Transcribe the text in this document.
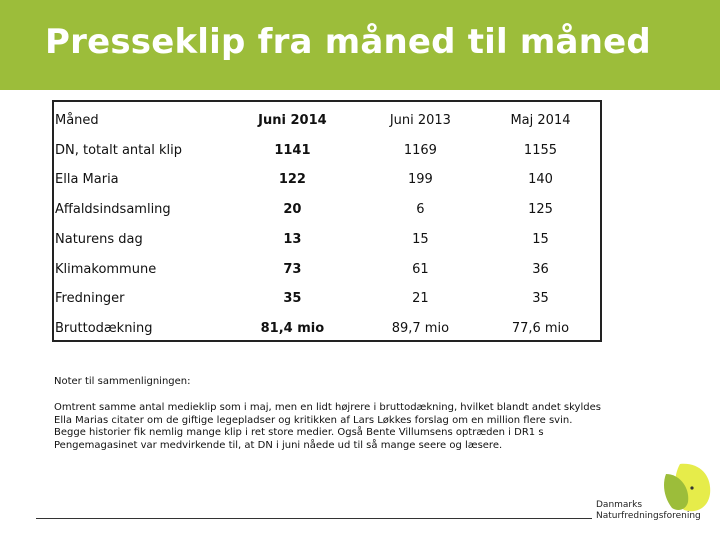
Presseklip fra måned til måned
Måned	Juni 2014	Juni 2013	Maj 2014
DN, totalt antal klip	1141	1169	1155
Ella Maria	122	199	140
Affaldsindsamling	20	6	125
Naturens dag	13	15	15
Klimakommune	73	61	36
Fredninger	35	21	35
Bruttodækning	81,4 mio	89,7 mio	77,6 mio
Noter til sammenligningen:
Omtrent samme antal medieklip som i maj, men en lidt højrere i bruttodækning, hvilket blandt andet skyldes Ella Marias citater om de giftige legepladser og kritikken af Lars Løkkes forslag om en million flere svin. Begge historier fik nemlig mange klip i ret store medier. Også Bente Villumsens optræden i DR1 s Pengemagasinet var medvirkende til, at DN i juni nåede ud til så mange seere og læsere.
Danmarks
Naturfredningsforening
